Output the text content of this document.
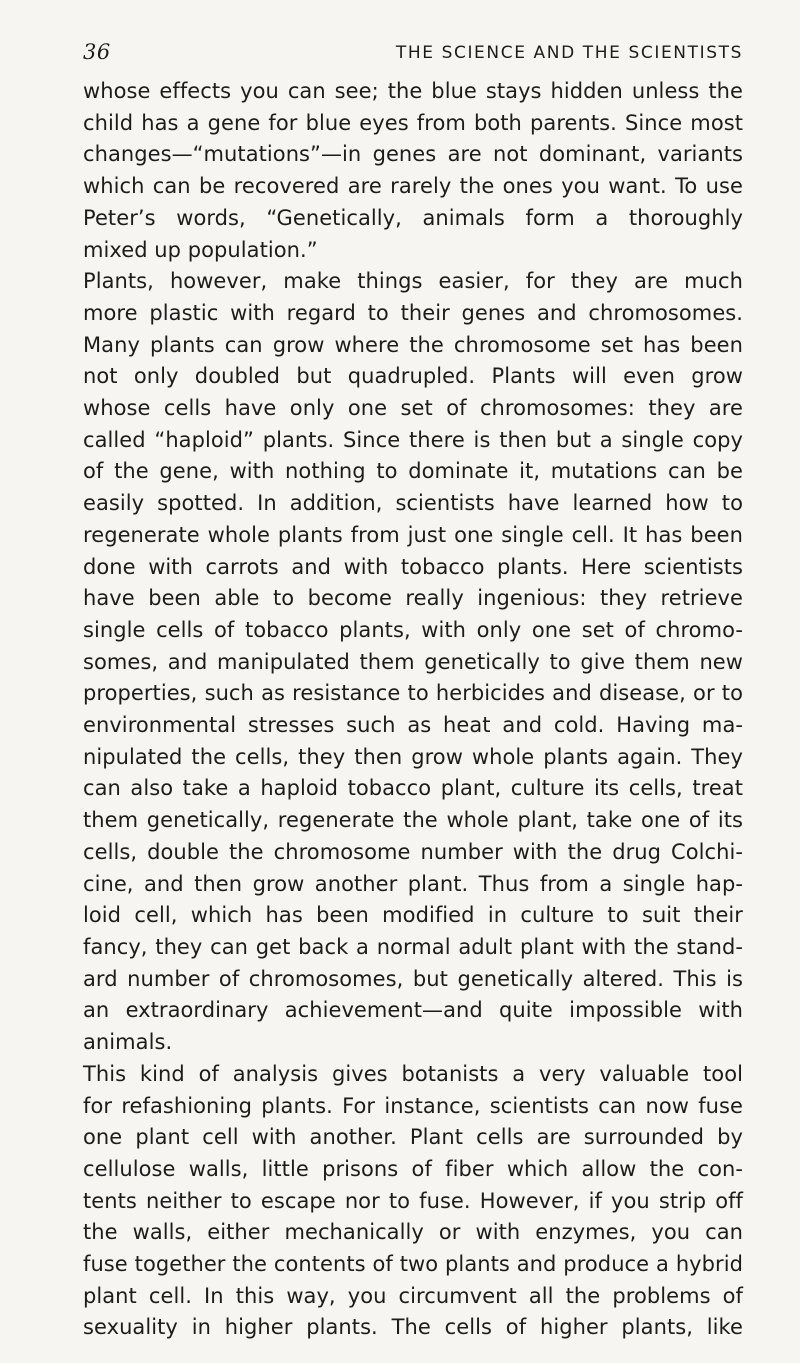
36	THE SCIENCE AND THE SCIENTISTS
whose effects you can see; the blue stays hidden unless the
child has a gene for blue eyes from both parents. Since most
changes—“mutations”—in genes are not dominant, variants
which can be recovered are rarely the ones you want. To use
Peter’s words, “Genetically, animals form a thoroughly
mixed up population.”
Plants, however, make things easier, for they are much
more plastic with regard to their genes and chromosomes.
Many plants can grow where the chromosome set has been
not only doubled but quadrupled. Plants will even grow
whose cells have only one set of chromosomes: they are
called “haploid” plants. Since there is then but a single copy
of the gene, with nothing to dominate it, mutations can be
easily spotted. In addition, scientists have learned how to
regenerate whole plants from just one single cell. It has been
done with carrots and with tobacco plants. Here scientists
have been able to become really ingenious: they retrieve
single cells of tobacco plants, with only one set of chromo-
somes, and manipulated them genetically to give them new
properties, such as resistance to herbicides and disease, or to
environmental stresses such as heat and cold. Having ma-
nipulated the cells, they then grow whole plants again. They
can also take a haploid tobacco plant, culture its cells, treat
them genetically, regenerate the whole plant, take one of its
cells, double the chromosome number with the drug Colchi-
cine, and then grow another plant. Thus from a single hap-
loid cell, which has been modified in culture to suit their
fancy, they can get back a normal adult plant with the stand-
ard number of chromosomes, but genetically altered. This is
an extraordinary achievement—and quite impossible with
animals.
This kind of analysis gives botanists a very valuable tool
for refashioning plants. For instance, scientists can now fuse
one plant cell with another. Plant cells are surrounded by
cellulose walls, little prisons of fiber which allow the con-
tents neither to escape nor to fuse. However, if you strip off
the walls, either mechanically or with enzymes, you can
fuse together the contents of two plants and produce a hybrid
plant cell. In this way, you circumvent all the problems of
sexuality in higher plants. The cells of higher plants, like
